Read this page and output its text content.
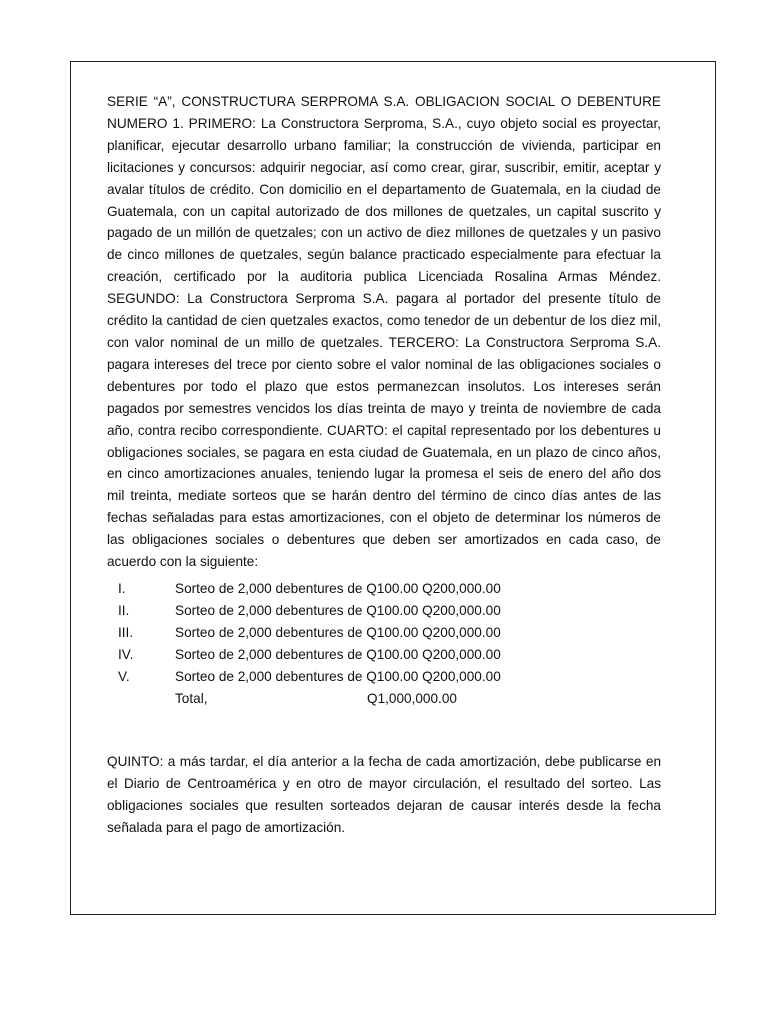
SERIE “A”, CONSTRUCTURA SERPROMA S.A. OBLIGACION SOCIAL O DEBENTURE NUMERO 1. PRIMERO: La Constructora Serproma, S.A., cuyo objeto social es proyectar, planificar, ejecutar desarrollo urbano familiar; la construcción de vivienda, participar en licitaciones y concursos: adquirir negociar, así como crear, girar, suscribir, emitir, aceptar y avalar títulos de crédito. Con domicilio en el departamento de Guatemala, en la ciudad de Guatemala, con un capital autorizado de dos millones de quetzales, un capital suscrito y pagado de un millón de quetzales; con un activo de diez millones de quetzales y un pasivo de cinco millones de quetzales, según balance practicado especialmente para efectuar la creación, certificado por la auditoria publica Licenciada Rosalina Armas Méndez. SEGUNDO: La Constructora Serproma S.A. pagara al portador del presente título de crédito la cantidad de cien quetzales exactos, como tenedor de un debentur de los diez mil, con valor nominal de un millo de quetzales. TERCERO: La Constructora Serproma S.A. pagara intereses del trece por ciento sobre el valor nominal de las obligaciones sociales o debentures por todo el plazo que estos permanezcan insolutos. Los intereses serán pagados por semestres vencidos los días treinta de mayo y treinta de noviembre de cada año, contra recibo correspondiente. CUARTO: el capital representado por los debentures u obligaciones sociales, se pagara en esta ciudad de Guatemala, en un plazo de cinco años, en cinco amortizaciones anuales, teniendo lugar la promesa el seis de enero del año dos mil treinta, mediate sorteos que se harán dentro del término de cinco días antes de las fechas señaladas para estas amortizaciones, con el objeto de determinar los números de las obligaciones sociales o debentures que deben ser amortizados en cada caso, de acuerdo con la siguiente:

I.	Sorteo de 2,000 debentures de Q100.00 Q200,000.00
II.	Sorteo de 2,000 debentures de Q100.00 Q200,000.00
III.	Sorteo de 2,000 debentures de Q100.00 Q200,000.00
IV.	Sorteo de 2,000 debentures de Q100.00 Q200,000.00
V.	Sorteo de 2,000 debentures de Q100.00 Q200,000.00
Total,	Q1,000,000.00

QUINTO: a más tardar, el día anterior a la fecha de cada amortización, debe publicarse en el Diario de Centroamérica y en otro de mayor circulación, el resultado del sorteo. Las obligaciones sociales que resulten sorteados dejaran de causar interés desde la fecha señalada para el pago de amortización.
